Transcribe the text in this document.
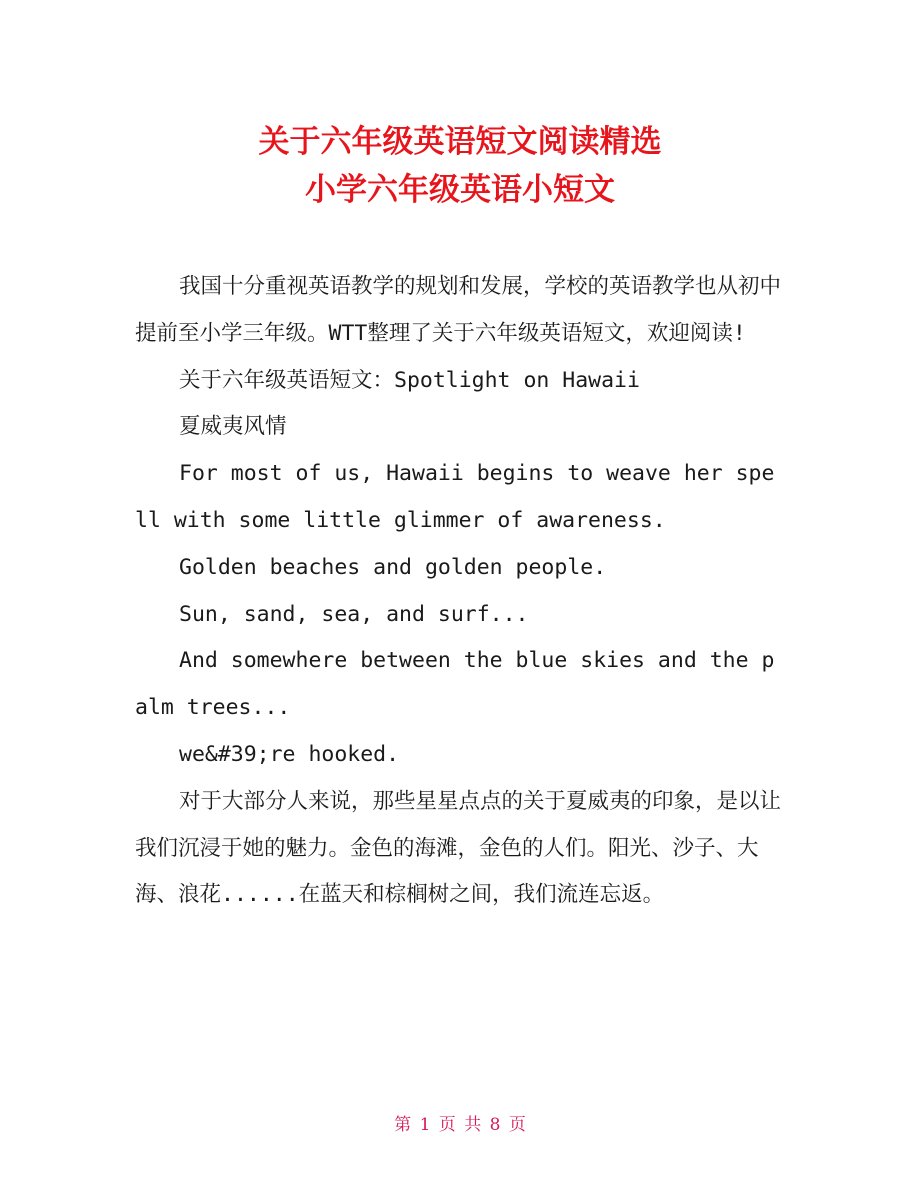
关于六年级英语短文阅读精选

小学六年级英语小短文

我国十分重视英语教学的规划和发展，学校的英语教学也从初中提前至小学三年级。WTT整理了关于六年级英语短文，欢迎阅读!

关于六年级英语短文：Spotlight on Hawaii

夏威夷风情

For most of us, Hawaii begins to weave her spell with some little glimmer of awareness.

Golden beaches and golden people.

Sun, sand, sea, and surf...

And somewhere between the blue skies and the palm trees...

we&#39;re hooked.

对于大部分人来说，那些星星点点的关于夏威夷的印象，是以让我们沉浸于她的魅力。金色的海滩，金色的人们。阳光、沙子、大海、浪花......在蓝天和棕榈树之间，我们流连忘返。

第 1 页 共 8 页
